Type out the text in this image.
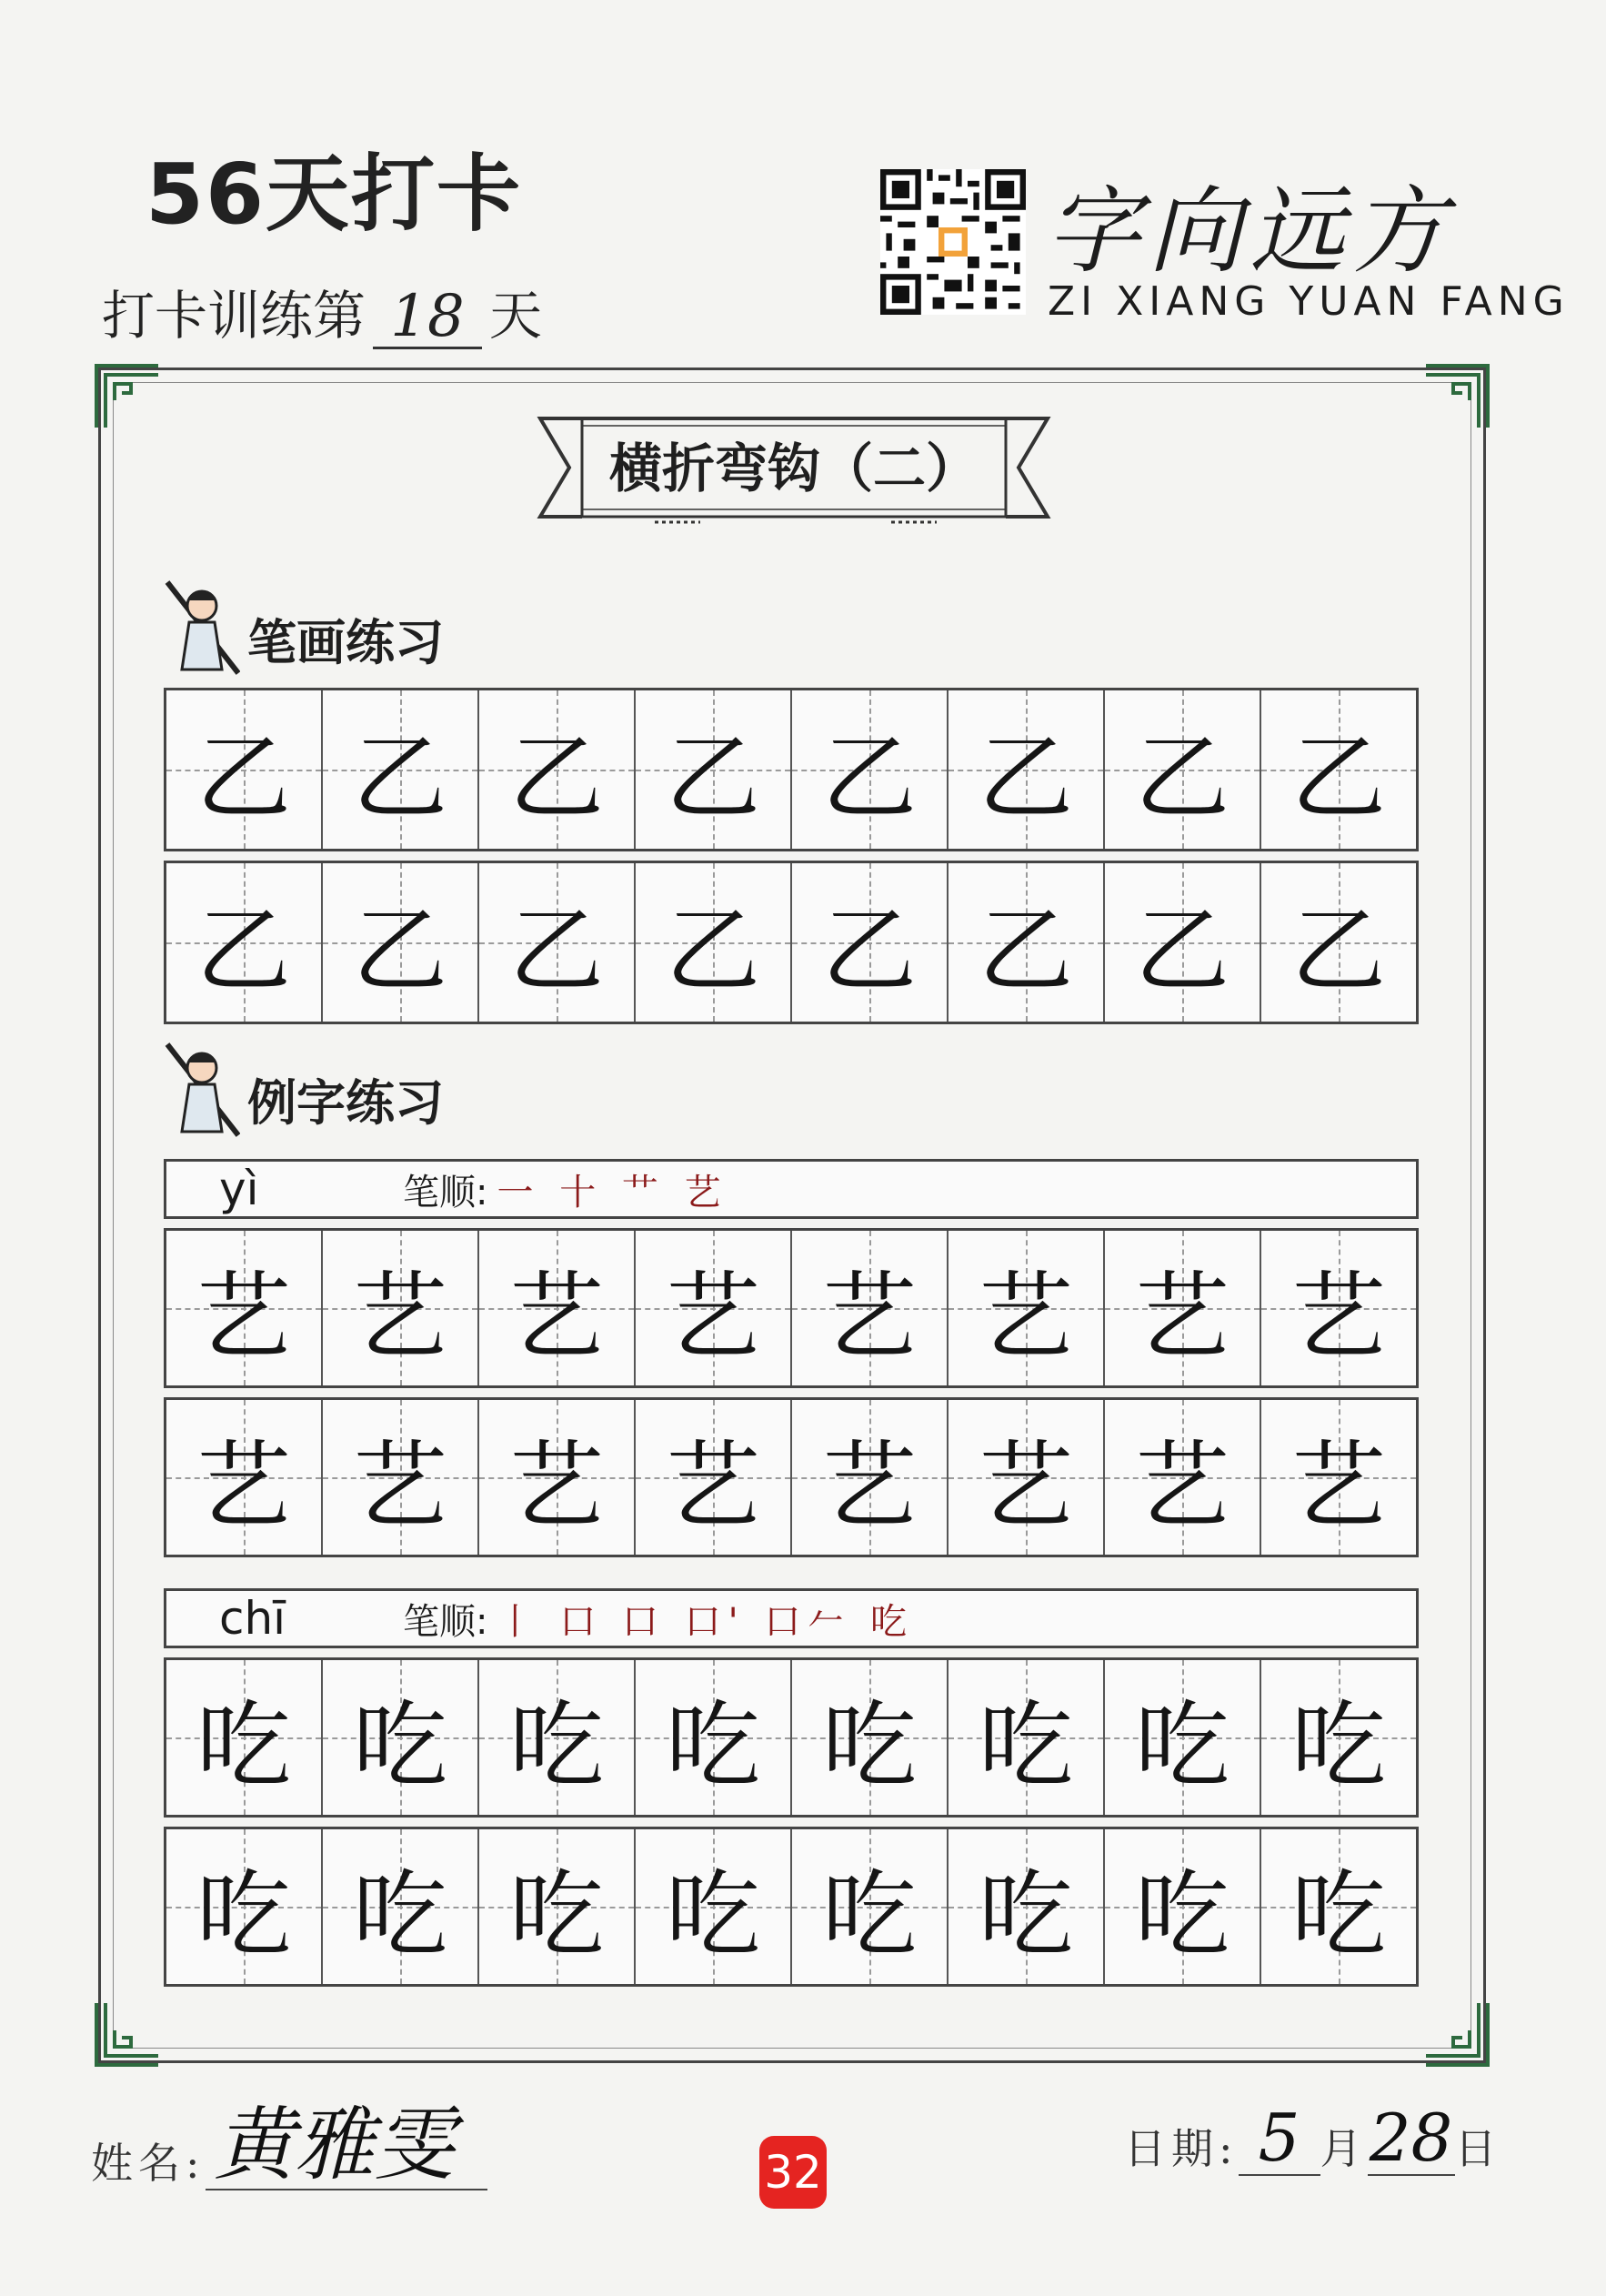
56天打卡
打卡训练第 18 天
字向远方
ZI XIANG YUAN FANG
横折弯钩（二）
笔画练习
乙 乙 乙 乙 乙 乙 乙 乙
乙 乙 乙 乙 乙 乙 乙 乙
例字练习
yì	笔顺: 一 十 艹 艺
艺 艺 艺 艺 艺 艺 艺 艺
艺 艺 艺 艺 艺 艺 艺 艺
chī	笔顺: 丨 口 口 口' 口𠂉 吃
吃 吃 吃 吃 吃 吃 吃 吃
吃 吃 吃 吃 吃 吃 吃 吃
姓名: 黄雅雯	32	日期: 5 月 28 日
